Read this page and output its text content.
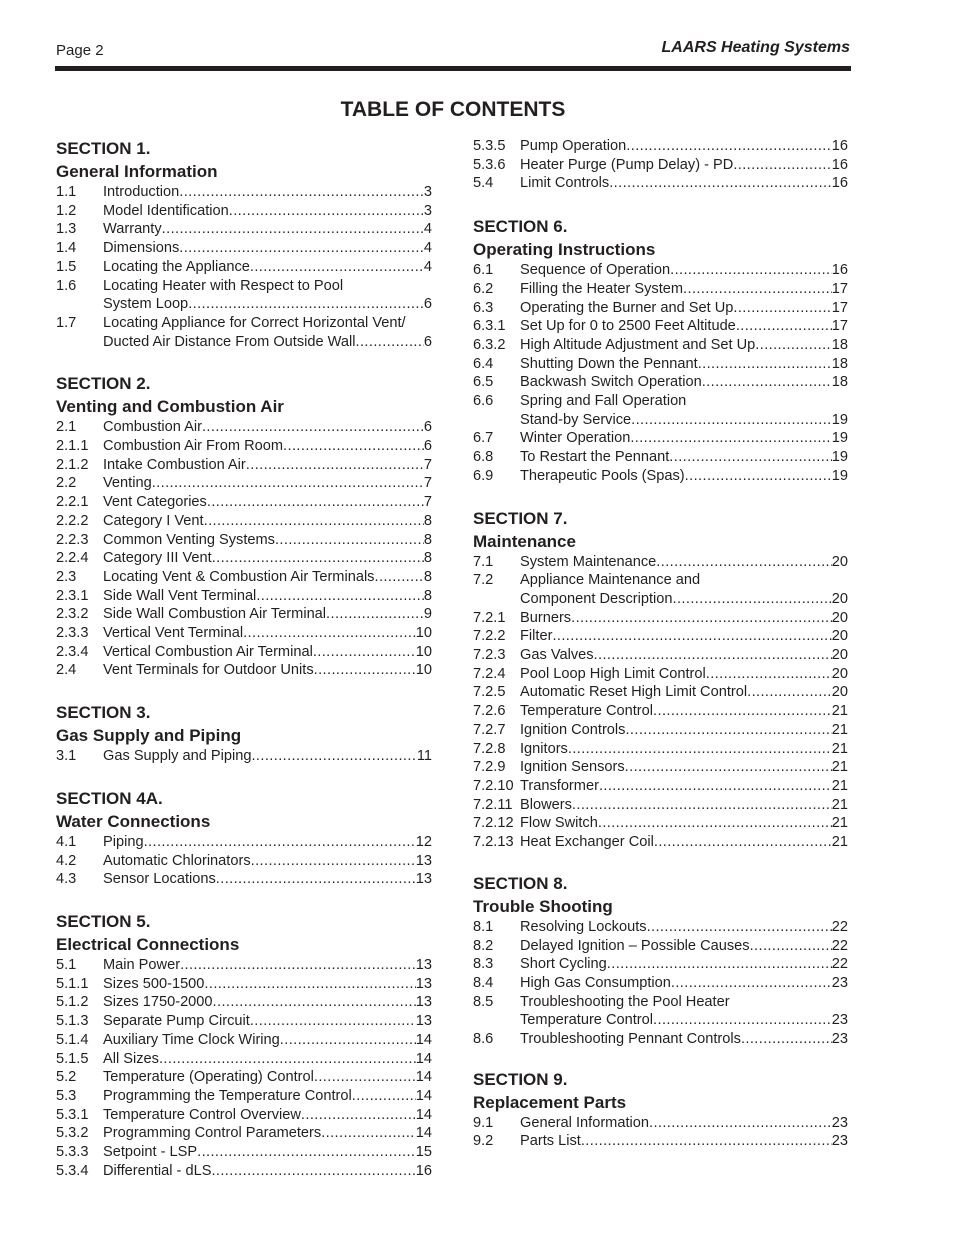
Page 2	LAARS Heating Systems
TABLE OF CONTENTS
SECTION 1.
General Information
1.1	Introduction .....	3
1.2	Model Identification .....	3
1.3	Warranty .....	4
1.4	Dimensions .....	4
1.5	Locating the Appliance .....	4
1.6	Locating Heater with Respect to Pool
System Loop .....	6
1.7	Locating Appliance for Correct Horizontal Vent/
Ducted Air Distance From Outside Wall .....	6
SECTION 2.
Venting and Combustion Air
2.1	Combustion Air .....	6
2.1.1 Combustion Air From Room .....	6
2.1.2 Intake Combustion Air .....	7
2.2	Venting .....	7
2.2.1 Vent Categories .....	7
2.2.2 Category I Vent .....	8
2.2.3 Common Venting Systems .....	8
2.2.4 Category III Vent .....	8
2.3	Locating Vent & Combustion Air Terminals .....	8
2.3.1 Side Wall Vent Terminal .....	8
2.3.2 Side Wall Combustion Air Terminal .....	9
2.3.3 Vertical Vent Terminal .....	10
2.3.4 Vertical Combustion Air Terminal .....	10
2.4	Vent Terminals for Outdoor Units .....	10
SECTION 3.
Gas Supply and Piping
3.1	Gas Supply and Piping .....	11
SECTION 4A.
Water Connections
4.1	Piping .....	12
4.2	Automatic Chlorinators .....	13
4.3	Sensor Locations .....	13
SECTION 5.
Electrical Connections
5.1	Main Power .....	13
5.1.1 Sizes 500-1500 .....	13
5.1.2 Sizes 1750-2000 .....	13
5.1.3 Separate Pump Circuit .....	13
5.1.4 Auxiliary Time Clock Wiring .....	14
5.1.5 All Sizes .....	14
5.2	Temperature (Operating) Control .....	14
5.3	Programming the Temperature Control .....	14
5.3.1 Temperature Control Overview .....	14
5.3.2 Programming Control Parameters .....	14
5.3.3 Setpoint - LSP .....	15
5.3.4 Differential - dLS .....	16
5.3.5 Pump Operation .....	16
5.3.6 Heater Purge (Pump Delay) - PD .....	16
5.4	Limit Controls .....	16
SECTION 6.
Operating Instructions
6.1	Sequence of Operation .....	16
6.2	Filling the Heater System .....	17
6.3	Operating the Burner and Set Up .....	17
6.3.1 Set Up for 0 to 2500 Feet Altitude .....	17
6.3.2 High Altitude Adjustment and Set Up .....	18
6.4	Shutting Down the Pennant .....	18
6.5	Backwash Switch Operation .....	18
6.6	Spring and Fall Operation
Stand-by Service .....	19
6.7	Winter Operation .....	19
6.8	To Restart the Pennant .....	19
6.9	Therapeutic Pools (Spas) .....	19
SECTION 7.
Maintenance
7.1	System Maintenance .....	20
7.2	Appliance Maintenance and
Component Description .....	20
7.2.1 Burners .....	20
7.2.2 Filter .....	20
7.2.3 Gas Valves .....	20
7.2.4 Pool Loop High Limit Control .....	20
7.2.5 Automatic Reset High Limit Control .....	20
7.2.6 Temperature Control .....	21
7.2.7 Ignition Controls .....	21
7.2.8 Ignitors .....	21
7.2.9 Ignition Sensors .....	21
7.2.10 Transformer .....	21
7.2.11 Blowers .....	21
7.2.12 Flow Switch .....	21
7.2.13 Heat Exchanger Coil .....	21
SECTION 8.
Trouble Shooting
8.1	Resolving Lockouts .....	22
8.2	Delayed Ignition – Possible Causes .....	22
8.3	Short Cycling .....	22
8.4	High Gas Consumption .....	23
8.5	Troubleshooting the Pool Heater
Temperature Control .....	23
8.6	Troubleshooting Pennant Controls .....	23
SECTION 9.
Replacement Parts
9.1	General Information .....	23
9.2	Parts List .....	23
